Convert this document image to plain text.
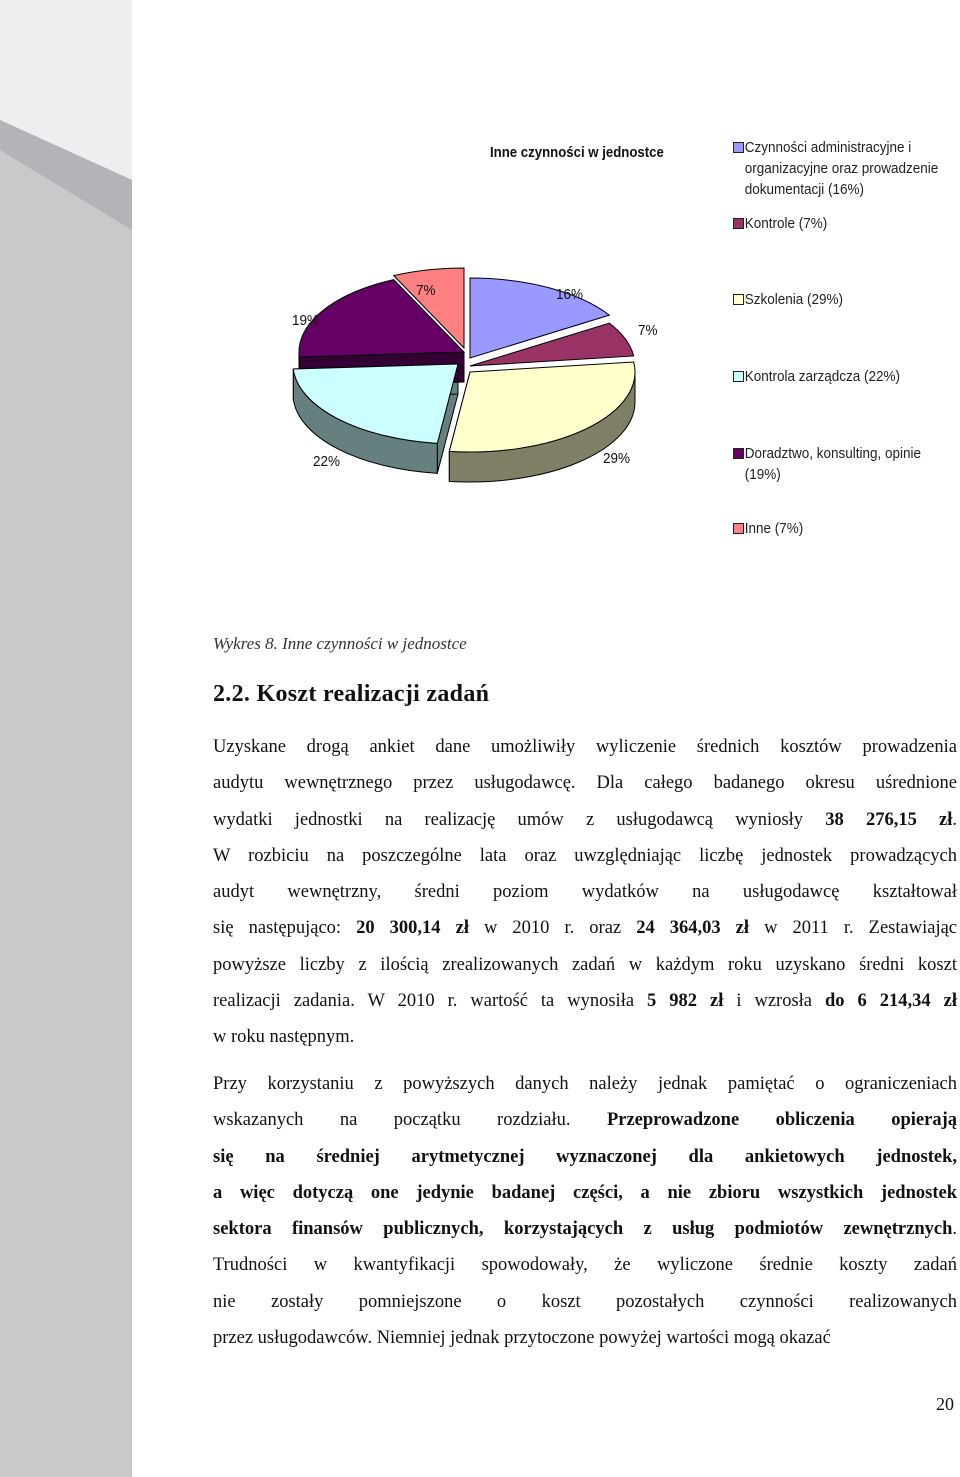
Inne czynności w jednostce	Czynności administracyjne i organizacyjne oraz prowadzenie dokumentacji (16%)
Kontrole (7%)
Szkolenia (29%)
Kontrola zarządcza (22%)
Doradztwo, konsulting, opinie (19%)
Inne (7%)
16%
7%
29%
22%
19%
7%
Wykres 8. Inne czynności w jednostce
2.2. Koszt realizacji zadań
Uzyskane drogą ankiet dane umożliwiły wyliczenie średnich kosztów prowadzenia
audytu wewnętrznego przez usługodawcę. Dla całego badanego okresu uśrednione
wydatki jednostki na realizację umów z usługodawcą wyniosły 38 276,15 zł.
W rozbiciu na poszczególne lata oraz uwzględniając liczbę jednostek prowadzących
audyt wewnętrzny, średni poziom wydatków na usługodawcę kształtował
się następująco: 20 300,14 zł w 2010 r. oraz 24 364,03 zł w 2011 r. Zestawiając
powyższe liczby z ilością zrealizowanych zadań w każdym roku uzyskano średni koszt
realizacji zadania. W 2010 r. wartość ta wynosiła 5 982 zł i wzrosła do 6 214,34 zł
w roku następnym.
Przy korzystaniu z powyższych danych należy jednak pamiętać o ograniczeniach
wskazanych na początku rozdziału. Przeprowadzone obliczenia opierają
się na średniej arytmetycznej wyznaczonej dla ankietowych jednostek,
a więc dotyczą one jedynie badanej części, a nie zbioru wszystkich jednostek
sektora finansów publicznych, korzystających z usług podmiotów zewnętrznych.
Trudności w kwantyfikacji spowodowały, że wyliczone średnie koszty zadań
nie zostały pomniejszone o koszt pozostałych czynności realizowanych
przez usługodawców. Niemniej jednak przytoczone powyżej wartości mogą okazać
20
